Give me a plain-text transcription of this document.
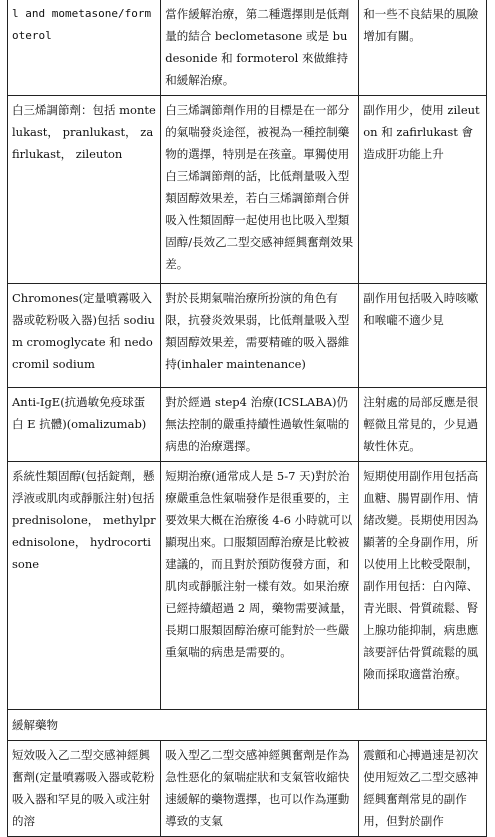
l and mometasone/formoterol	當作緩解治療，第二種選擇則是低劑量的結合 beclometasone 或是 budesonide 和 formoterol 來做維持和緩解治療。	和一些不良結果的風險增加有關。
白三烯調節劑：包括 montelukast， pranlukast， zafirlukast， zileuton	白三烯調節劑作用的目標是在一部分的氣喘發炎途徑，被視為一種控制藥物的選擇，特別是在孩童。單獨使用白三烯調節劑的話，比低劑量吸入型類固醇效果差，若白三烯調節劑合併吸入性類固醇一起使用也比吸入型類固醇/長效乙二型交感神經興奮劑效果差。	副作用少，使用 zileuton 和 zafirlukast 會造成肝功能上升
Chromones(定量噴霧吸入器或乾粉吸入器)包括 sodium cromoglycate 和 nedocromil sodium	對於長期氣喘治療所扮演的角色有限，抗發炎效果弱，比低劑量吸入型類固醇效果差，需要精確的吸入器維持(inhaler maintenance)	副作用包括吸入時咳嗽和喉嚨不適少見
Anti-IgE(抗過敏免疫球蛋白 E 抗體)(omalizumab)	對於經過 step4 治療(ICSLABA)仍無法控制的嚴重持續性過敏性氣喘的病患的治療選擇。	注射處的局部反應是很輕微且常見的，少見過敏性休克。
系統性類固醇(包括錠劑，懸浮液或肌肉或靜脈注射)包括 prednisolone， methylprednisolone， hydrocortisone	短期治療(通常成人是 5-7 天)對於治療嚴重急性氣喘發作是很重要的，主要效果大概在治療後 4-6 小時就可以顯現出來。口服類固醇治療是比較被建議的，而且對於預防復發方面，和肌肉或靜脈注射一樣有效。如果治療已經持續超過 2 周，藥物需要減量，長期口服類固醇治療可能對於一些嚴重氣喘的病患是需要的。	短期使用副作用包括高血糖、腸胃副作用、情緒改變。長期使用因為顯著的全身副作用，所以使用上比較受限制，副作用包括：白內障、青光眼、骨質疏鬆、腎上腺功能抑制，病患應該要評估骨質疏鬆的風險而採取適當治療。
緩解藥物		
短效吸入乙二型交感神經興奮劑(定量噴霧吸入器或乾粉吸入器和罕見的吸入或注射的溶	吸入型乙二型交感神經興奮劑是作為急性惡化的氣喘症狀和支氣管收縮快速緩解的藥物選擇，也可以作為運動導致的支氣	震顫和心搏過速是初次使用短效乙二型交感神經興奮劑常見的副作用，但對於副作
